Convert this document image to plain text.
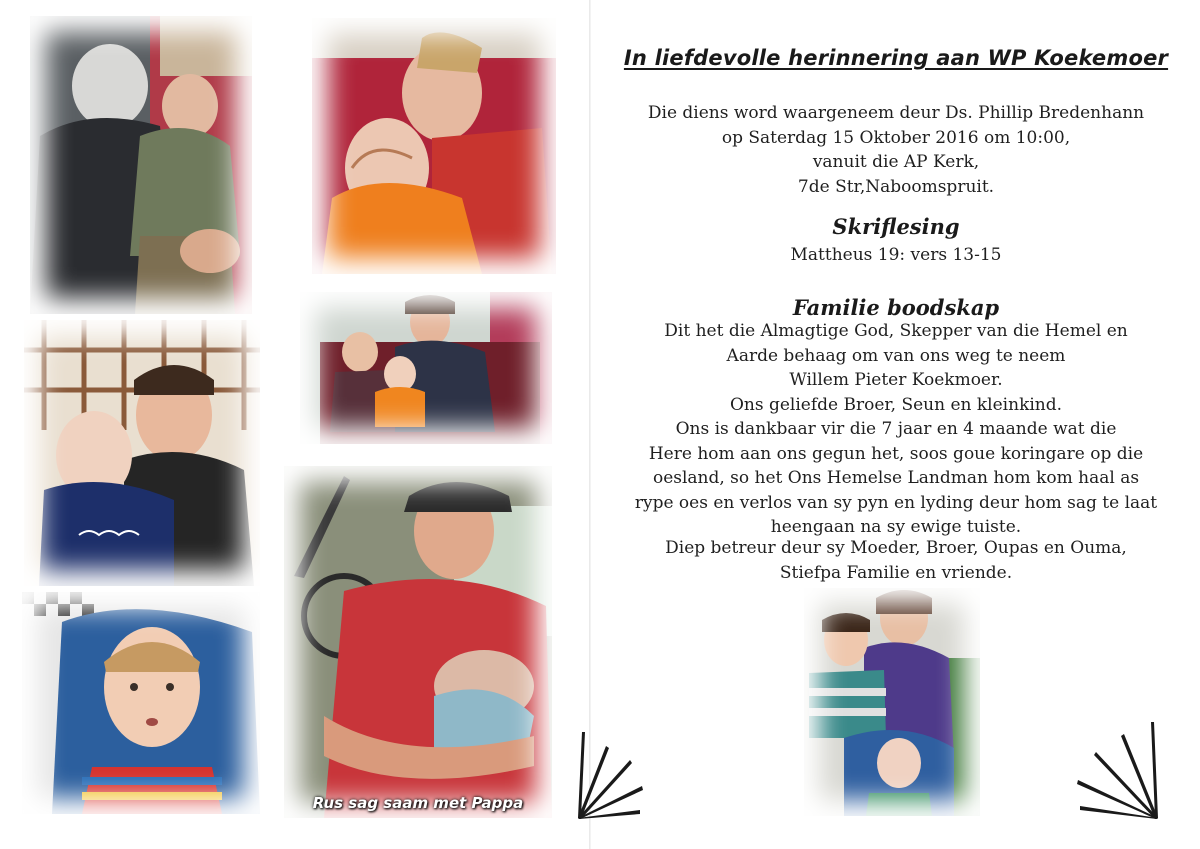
Rus sag saam met Pappa
In liefdevolle herinnering aan WP Koekemoer
Die diens word waargeneem deur Ds. Phillip Bredenhann
op Saterdag 15 Oktober 2016 om 10:00,
vanuit die AP Kerk,
7de Str,Naboomspruit.
Skriflesing
Mattheus 19: vers 13-15
Familie boodskap
Dit het die Almagtige God, Skepper van die Hemel en
Aarde behaag om van ons weg te neem
Willem Pieter Koekmoer.
Ons geliefde Broer, Seun en kleinkind.
Ons is dankbaar vir die 7 jaar en 4 maande wat die
Here hom aan ons gegun het, soos goue koringare op die
oesland, so het Ons Hemelse Landman hom kom haal as
rype oes en verlos van sy pyn en lyding deur hom sag te laat
heengaan na sy ewige tuiste.
Diep betreur deur sy Moeder, Broer, Oupas en Ouma,
Stiefpa Familie en vriende.
